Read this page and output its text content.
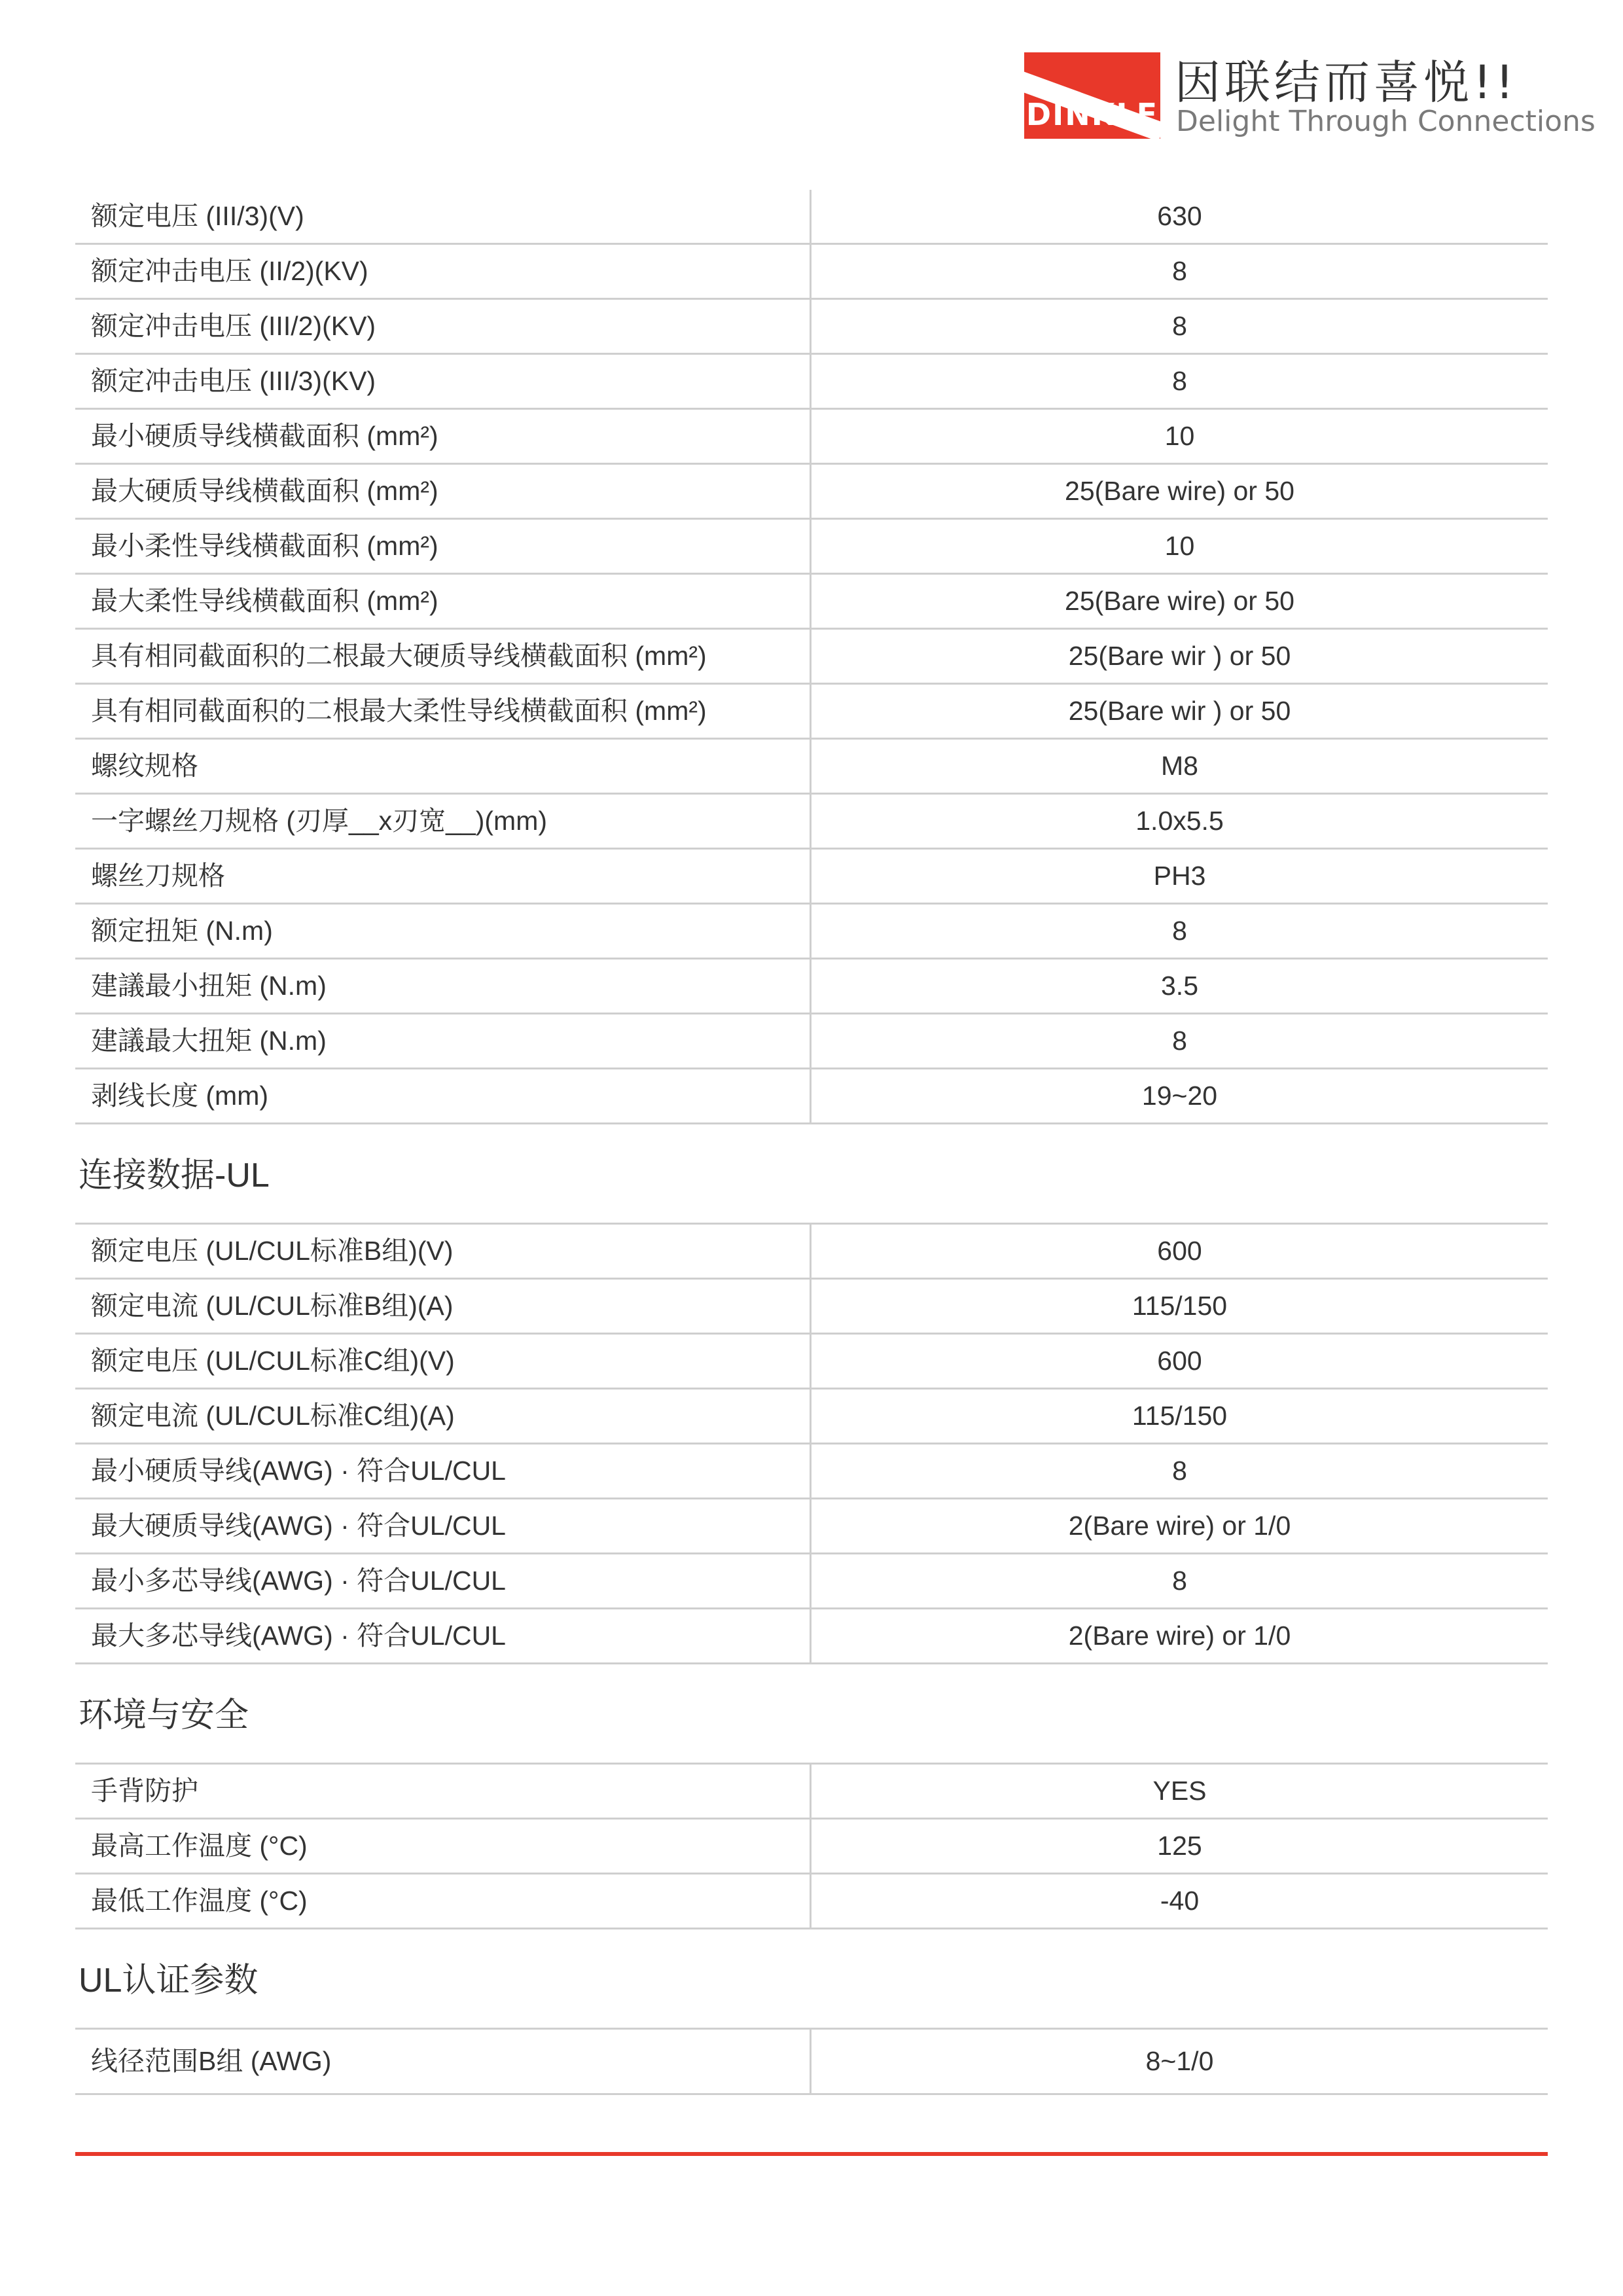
DINKLE
因联结而喜悦!!
Delight Through Connections
额定电压 (III/3)(V)	630
额定冲击电压 (II/2)(KV)	8
额定冲击电压 (III/2)(KV)	8
额定冲击电压 (III/3)(KV)	8
最小硬质导线横截面积 (mm²)	10
最大硬质导线横截面积 (mm²)	25(Bare wire) or 50
最小柔性导线横截面积 (mm²)	10
最大柔性导线横截面积 (mm²)	25(Bare wire) or 50
具有相同截面积的二根最大硬质导线横截面积 (mm²)	25(Bare wir ) or 50
具有相同截面积的二根最大柔性导线横截面积 (mm²)	25(Bare wir ) or 50
螺纹规格	M8
一字螺丝刀规格 (刃厚__x刃宽__)(mm)	1.0x5.5
螺丝刀规格	PH3
额定扭矩 (N.m)	8
建議最小扭矩 (N.m)	3.5
建議最大扭矩 (N.m)	8
剥线长度 (mm)	19~20
连接数据-UL
额定电压 (UL/CUL标准B组)(V)	600
额定电流 (UL/CUL标准B组)(A)	115/150
额定电压 (UL/CUL标准C组)(V)	600
额定电流 (UL/CUL标准C组)(A)	115/150
最小硬质导线(AWG) · 符合UL/CUL	8
最大硬质导线(AWG) · 符合UL/CUL	2(Bare wire) or 1/0
最小多芯导线(AWG) · 符合UL/CUL	8
最大多芯导线(AWG) · 符合UL/CUL	2(Bare wire) or 1/0
环境与安全
手背防护	YES
最高工作温度 (°C)	125
最低工作温度 (°C)	-40
UL认证参数
线径范围B组 (AWG)	8~1/0
